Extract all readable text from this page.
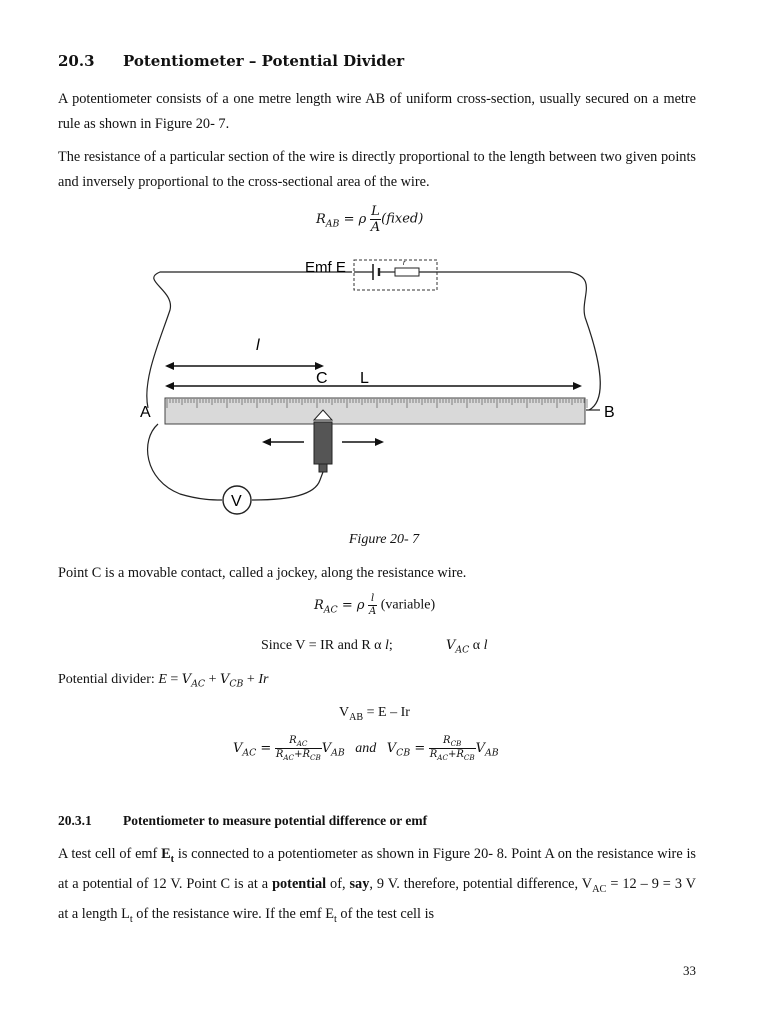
20.3 Potentiometer – Potential Divider

A potentiometer consists of a one metre length wire AB of uniform cross-section, usually secured on a metre rule as shown in Figure 20- 7.

The resistance of a particular section of the wire is directly proportional to the length between two given points and inversely proportional to the cross-sectional area of the wire.

$R_{AB} = \rho \frac{L}{A}$ (fixed)
Emf E	r
l
C L
A	B
V
Figure 20- 7

Point C is a movable contact, called a jockey, along the resistance wire.

$R_{AC} = \rho \frac{l}{A}$ (variable)
Since V = IR and R α l;	$V_{AC}$ α l
Potential divider: $E = V_{AC} + V_{CB} + Ir$
$V_{AB} = E - Ir$
$V_{AC} = \frac{R_{AC}}{R_{AC}+R_{CB}} V_{AB}$ and $V_{CB} = \frac{R_{CB}}{R_{AC}+R_{CB}} V_{AB}$
20.3.1 Potentiometer to measure potential difference or emf

A test cell of emf $E_t$ is connected to a potentiometer as shown in Figure 20- 8. Point A on the resistance wire is at a potential of 12 V. Point C is at a potential of, say, 9 V. therefore, potential difference, $V_{AC} = 12 - 9 = 3$ V at a length $L_t$ of the resistance wire. If the emf $E_t$ of the test cell is

33
